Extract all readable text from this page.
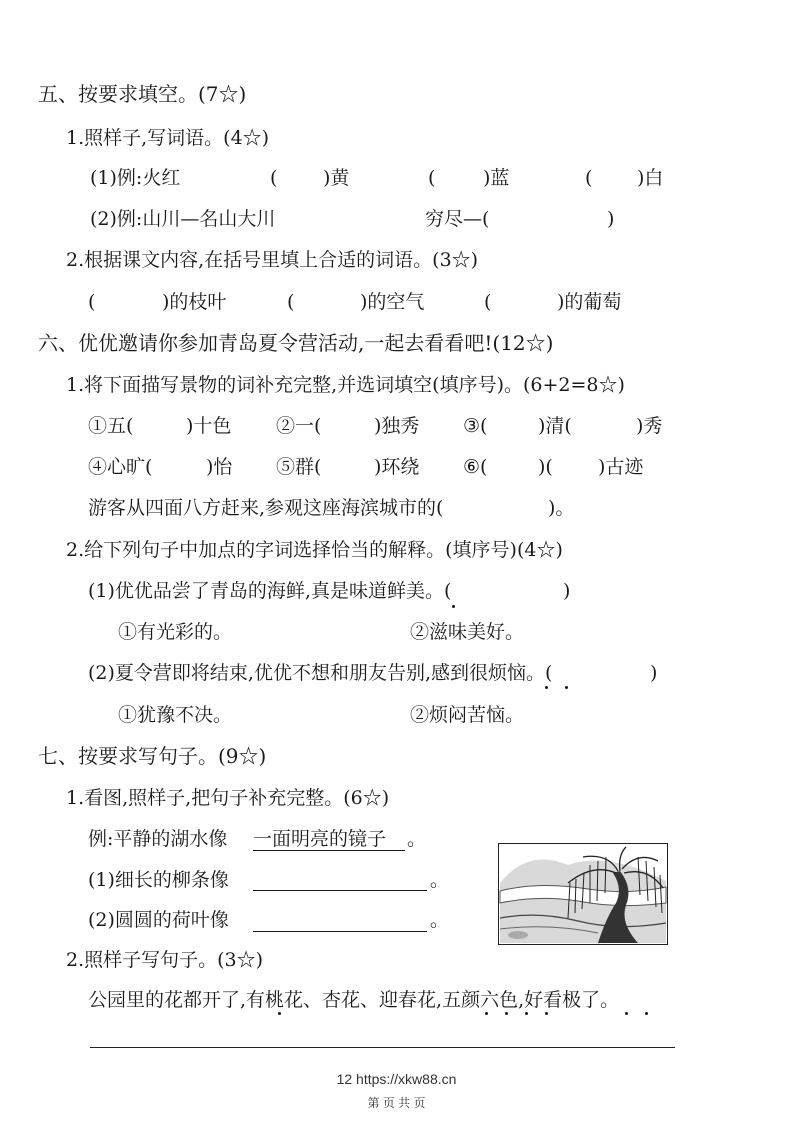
五、按要求填空。(7☆)
1.照样子,写词语。(4☆)
(1)例:火红	( )黄	(	)蓝	( )白
(2)例:山川—名山大川	穷尽—(	)
2.根据课文内容,在括号里填上合适的词语。(3☆)
(	)的枝叶	(	)的空气	(	)的葡萄
六、优优邀请你参加青岛夏令营活动,一起去看看吧!(12☆)
1.将下面描写景物的词补充完整,并选词填空(填序号)。(6+2=8☆)
①五(	)十色 ②一(	)独秀 ③(	)清(	)秀
④心旷(	)怡 ⑤群(	)环绕 ⑥(	)( )古迹
游客从四面八方赶来,参观这座海滨城市的(	)。
2.给下列句子中加点的字词选择恰当的解释。(填序号)(4☆)
(1)优优品尝了青岛的海鲜,真是味道鲜美。(	)
①有光彩的。	②滋味美好。
(2)夏令营即将结束,优优不想和朋友告别,感到很烦恼。(	)
①犹豫不决。	②烦闷苦恼。
七、按要求写句子。(9☆)
1.看图,照样子,把句子补充完整。(6☆)
例:平静的湖水像 一面明亮的镜子 。
(1)细长的柳条像	。
(2)圆圆的荷叶像	。
2.照样子写句子。(3☆)
公园里的花都开了,有桃花、杏花、迎春花,五颜六色,好看极了。
12 https://xkw88.cn
第 页 共 页
